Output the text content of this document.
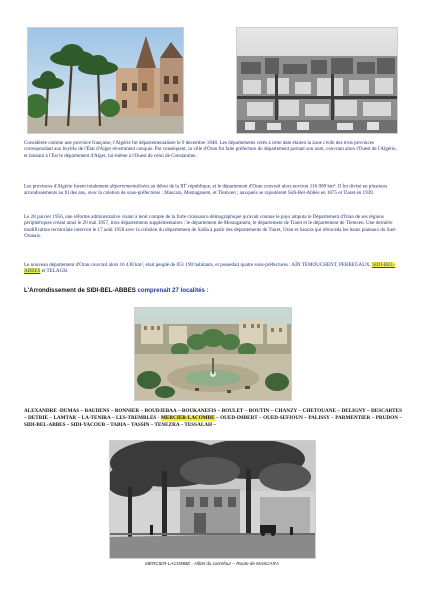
Considérée comme une province française, l'Algérie fut départementalisée le 9 décembre 1848. Les départements créés à cette date étaient la zone civile des trois provinces correspondant aux beyliks de l'État d'Alger récemment conquis. Par conséquent, la ville d'Oran fut faite préfecture du département portant son nom, couvrant alors l'Ouest de l'Algérie, et laissant à l'Est le département d'Alger, lui-même à l'Ouest de celui de Constantine.

Les provinces d'Algérie furent totalement départementalisées au début de la IIIe république, et le département d'Oran couvrait alors environ 116 000 km². Il fut divisé en plusieurs arrondissements au fil des ans, avec la création de sous-préfectures : Mascara, Mostaganem, et Tlemcen ; auxquels se rajoutèrent Sidi-Bel-Abbès en 1875 et Tiaret en 1939.

Le 28 janvier 1956, une réforme administrative visant à tenir compte de la forte croissance démographique qu'avait connue le pays amputa le Département d'Oran de ses régions périphériques créant ainsi le 20 mai 1957, trois départements supplémentaires : le département de Mostaganem, le département de Tiaret et le département de Tlemcen. Une dernière modification territoriale intervint le 17 août 1958 avec la création du département de Saïda à partir des départements de Tiaret, Oran et Saoura qui rétrocéda les hauts plateaux du Sud-Oranais.

Le nouveau département d'Oran couvrait alors 16 438 km², était peuplé de 851 190 habitants, et possédait quatre sous-préfectures : AÏN TEMOUCHENT, PERREGAUX, SIDI-BEL-ABBES et TELAGH.

L'Arrondissement de SIDI-BEL-ABBES comprenait 27 localités :

ALEXANDRE -DUMAS – BAUDENS – BONNIER – BOUDJEBAA – BOUKANEFIS – BOULET – BOUTIN – CHANZY – CHETOUANE – DELIGNY – DESCARTES – DETRIE – LAMTAR – LA-TENIRA – LES-TREMBLES - MERCIER-LACOMBE – OUED-IMBERT – OUED-SEFIOUN – PALISSY – PARMENTIER – PRUDON –SIDI-BEL-ABBES – SIDI-YACOUB – TABIA – TASSIN – TENEZRA – TESSALAH –

MERCIER-LACOMBE - Hôtel du carrefour – Route de MASCARA
